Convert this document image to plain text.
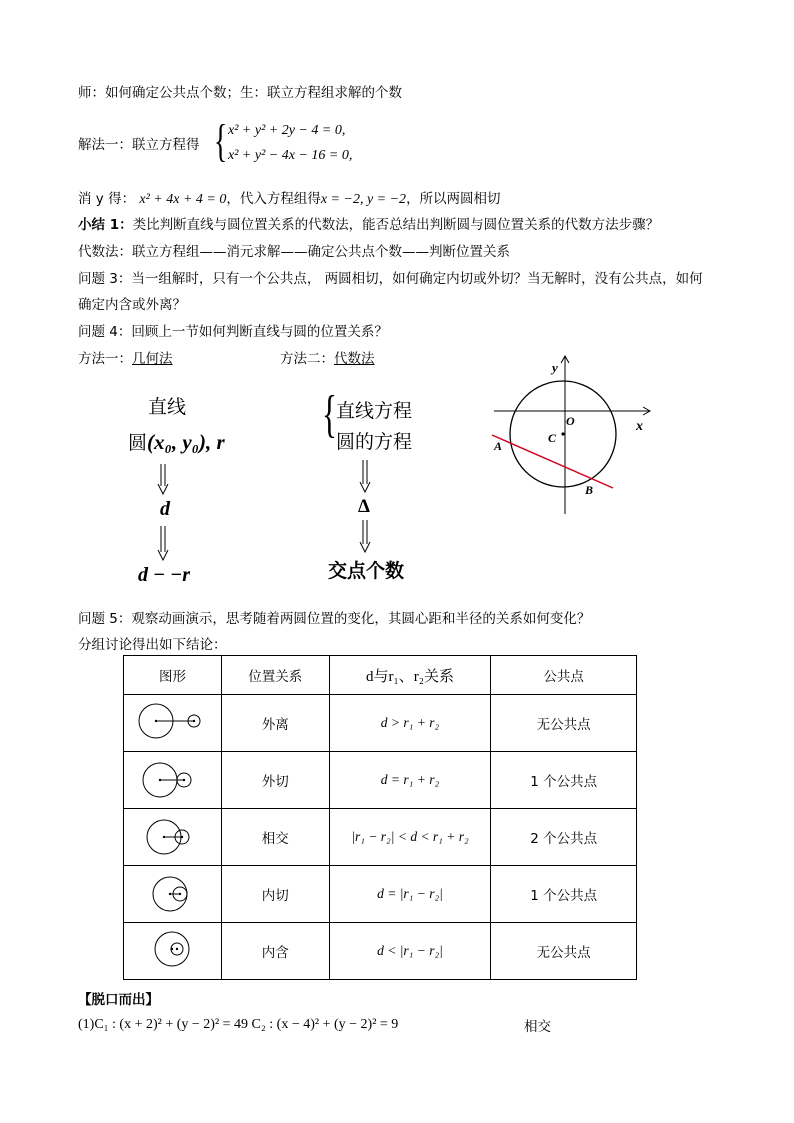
师：如何确定公共点个数；生：联立方程组求解的个数
解法一：联立方程得 { x² + y² + 2y − 4 = 0,
x² + y² − 4x − 16 = 0,
消 y 得： x² + 4x + 4 = 0，代入方程组得x = −2, y = −2，所以两圆相切
小结 1：类比判断直线与圆位置关系的代数法，能否总结出判断圆与圆位置关系的代数方法步骤？
代数法：联立方程组——消元求解——确定公共点个数——判断位置关系
问题 3：当一组解时，只有一个公共点， 两圆相切，如何确定内切或外切？当无解时，没有公共点，如何
确定内含或外离？
问题 4：回顾上一节如何判断直线与圆的位置关系？
方法一：几何法	方法二：代数法
直线
圆(x₀, y₀), r
d
d − −r
{ 直线方程
圆的方程
Δ
交点个数
y
x
O
C
A
B
问题 5：观察动画演示，思考随着两圆位置的变化，其圆心距和半径的关系如何变化？
分组讨论得出如下结论：
图形	位置关系	d与r₁、r₂关系	公共点
	外离	d > r₁ + r₂	无公共点
	外切	d = r₁ + r₂	1 个公共点
	相交	|r₁ − r₂| < d < r₁ + r₂	2 个公共点
	内切	d = |r₁ − r₂|	1 个公共点
	内含	d < |r₁ − r₂|	无公共点
【脱口而出】
(1)C₁ : (x + 2)² + (y − 2)² = 49 C₂ : (x − 4)² + (y − 2)² = 9	相交
